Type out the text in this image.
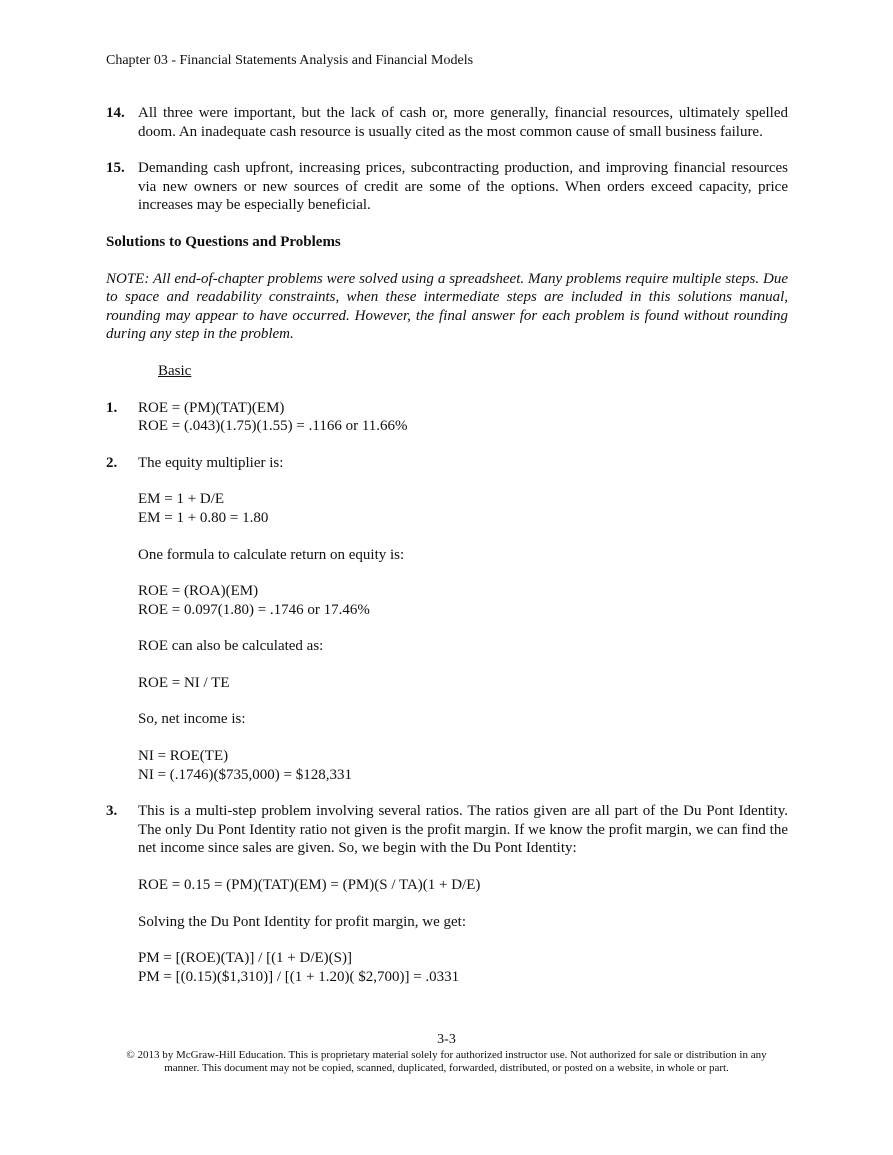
Chapter 03 - Financial Statements Analysis and Financial Models
14. All three were important, but the lack of cash or, more generally, financial resources, ultimately spelled doom. An inadequate cash resource is usually cited as the most common cause of small business failure.
15. Demanding cash upfront, increasing prices, subcontracting production, and improving financial resources via new owners or new sources of credit are some of the options. When orders exceed capacity, price increases may be especially beneficial.
Solutions to Questions and Problems
NOTE: All end-of-chapter problems were solved using a spreadsheet. Many problems require multiple steps. Due to space and readability constraints, when these intermediate steps are included in this solutions manual, rounding may appear to have occurred. However, the final answer for each problem is found without rounding during any step in the problem.
Basic
1. ROE = (PM)(TAT)(EM)
ROE = (.043)(1.75)(1.55) = .1166 or 11.66%
2. The equity multiplier is:
EM = 1 + D/E
EM = 1 + 0.80 = 1.80
One formula to calculate return on equity is:
ROE = (ROA)(EM)
ROE = 0.097(1.80) = .1746 or 17.46%
ROE can also be calculated as:
ROE = NI / TE
So, net income is:
NI = ROE(TE)
NI = (.1746)($735,000) = $128,331
3. This is a multi-step problem involving several ratios. The ratios given are all part of the Du Pont Identity. The only Du Pont Identity ratio not given is the profit margin. If we know the profit margin, we can find the net income since sales are given. So, we begin with the Du Pont Identity:
ROE = 0.15 = (PM)(TAT)(EM) = (PM)(S / TA)(1 + D/E)
Solving the Du Pont Identity for profit margin, we get:
PM = [(ROE)(TA)] / [(1 + D/E)(S)]
PM = [(0.15)($1,310)] / [(1 + 1.20)( $2,700)] = .0331
3-3
© 2013 by McGraw-Hill Education. This is proprietary material solely for authorized instructor use. Not authorized for sale or distribution in any
manner. This document may not be copied, scanned, duplicated, forwarded, distributed, or posted on a website, in whole or part.
